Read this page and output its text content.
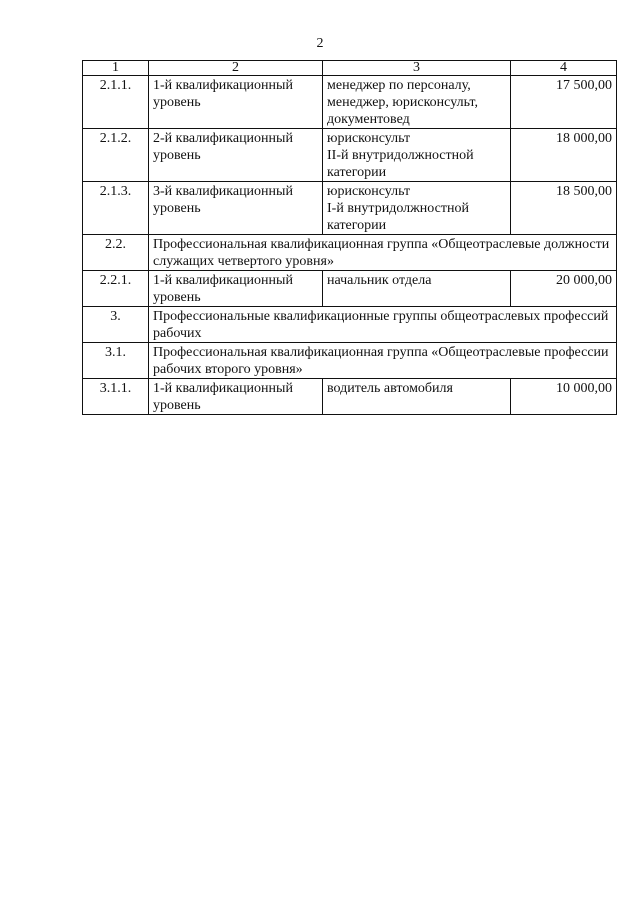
2
1	2	3	4
2.1.1.	1-й квалификационный уровень	менеджер по персоналу,
менеджер, юрисконсульт,
документовед	17 500,00
2.1.2.	2-й квалификационный уровень	юрисконсульт
II-й внутридолжностной
категории	18 000,00
2.1.3.	3-й квалификационный уровень	юрисконсульт
I-й внутридолжностной
категории	18 500,00
2.2.	Профессиональная квалификационная группа «Общеотраслевые должности служащих четвертого уровня»		
2.2.1.	1-й квалификационный уровень	начальник отдела	20 000,00
3.	Профессиональные квалификационные группы общеотраслевых профессий рабочих		
3.1.	Профессиональная квалификационная группа «Общеотраслевые профессии рабочих второго уровня»		
3.1.1.	1-й квалификационный уровень	водитель автомобиля	10 000,00
